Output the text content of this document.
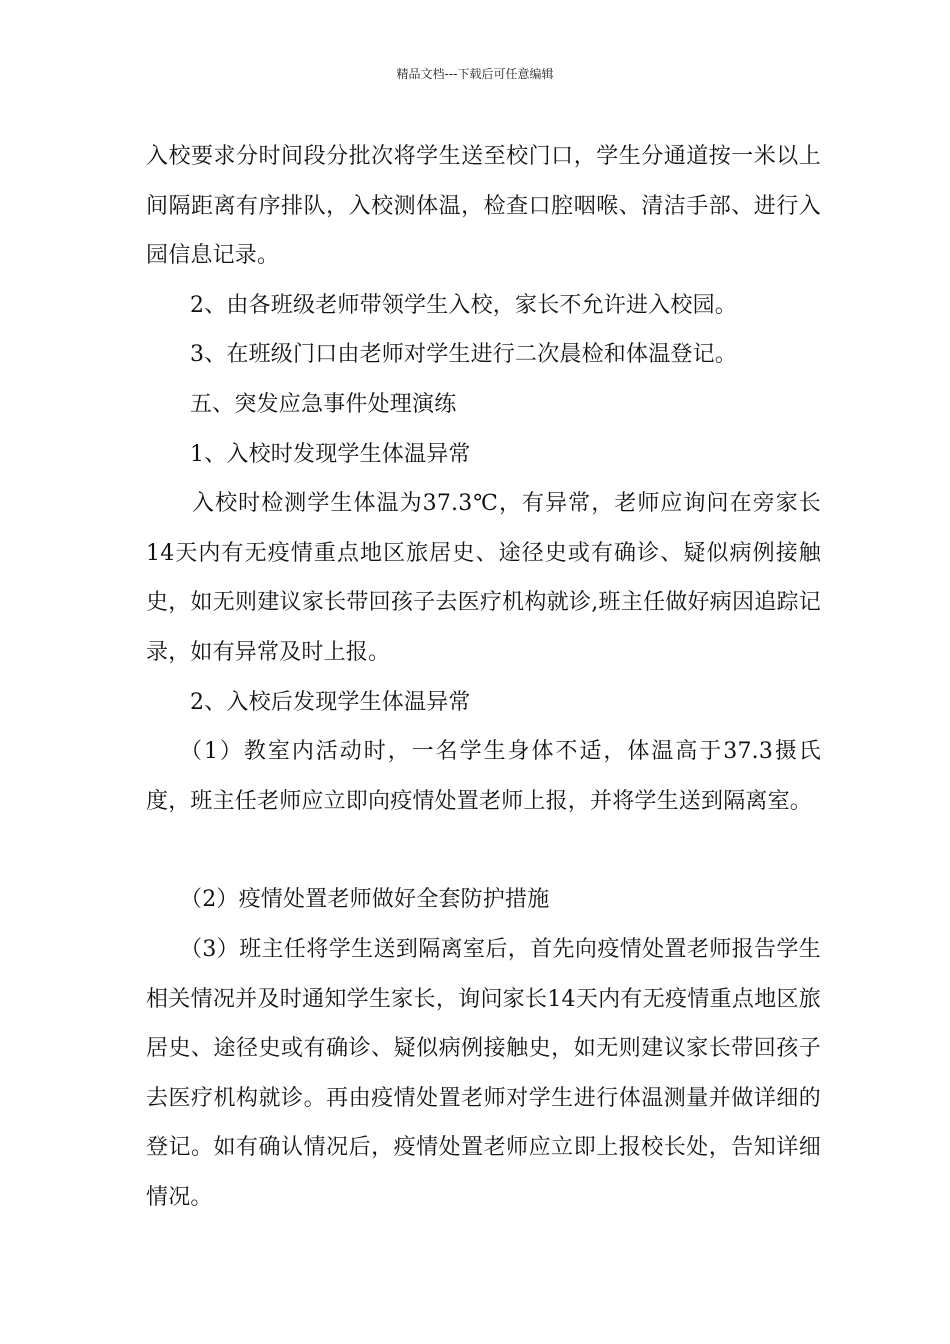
精品文档---下载后可任意编辑

入校要求分时间段分批次将学生送至校门口，学生分通道按一米以上间隔距离有序排队，入校测体温，检查口腔咽喉、清洁手部、进行入园信息记录。

2、由各班级老师带领学生入校，家长不允许进入校园。

3、在班级门口由老师对学生进行二次晨检和体温登记。

五、突发应急事件处理演练

1、入校时发现学生体温异常

入校时检测学生体温为37.3℃，有异常，老师应询问在旁家长14天内有无疫情重点地区旅居史、途径史或有确诊、疑似病例接触史，如无则建议家长带回孩子去医疗机构就诊,班主任做好病因追踪记录，如有异常及时上报。

2、入校后发现学生体温异常

（1）教室内活动时，一名学生身体不适，体温高于37.3摄氏度，班主任老师应立即向疫情处置老师上报，并将学生送到隔离室。

（2）疫情处置老师做好全套防护措施

（3）班主任将学生送到隔离室后，首先向疫情处置老师报告学生相关情况并及时通知学生家长，询问家长14天内有无疫情重点地区旅居史、途径史或有确诊、疑似病例接触史，如无则建议家长带回孩子去医疗机构就诊。再由疫情处置老师对学生进行体温测量并做详细的登记。如有确认情况后，疫情处置老师应立即上报校长处，告知详细情况。
